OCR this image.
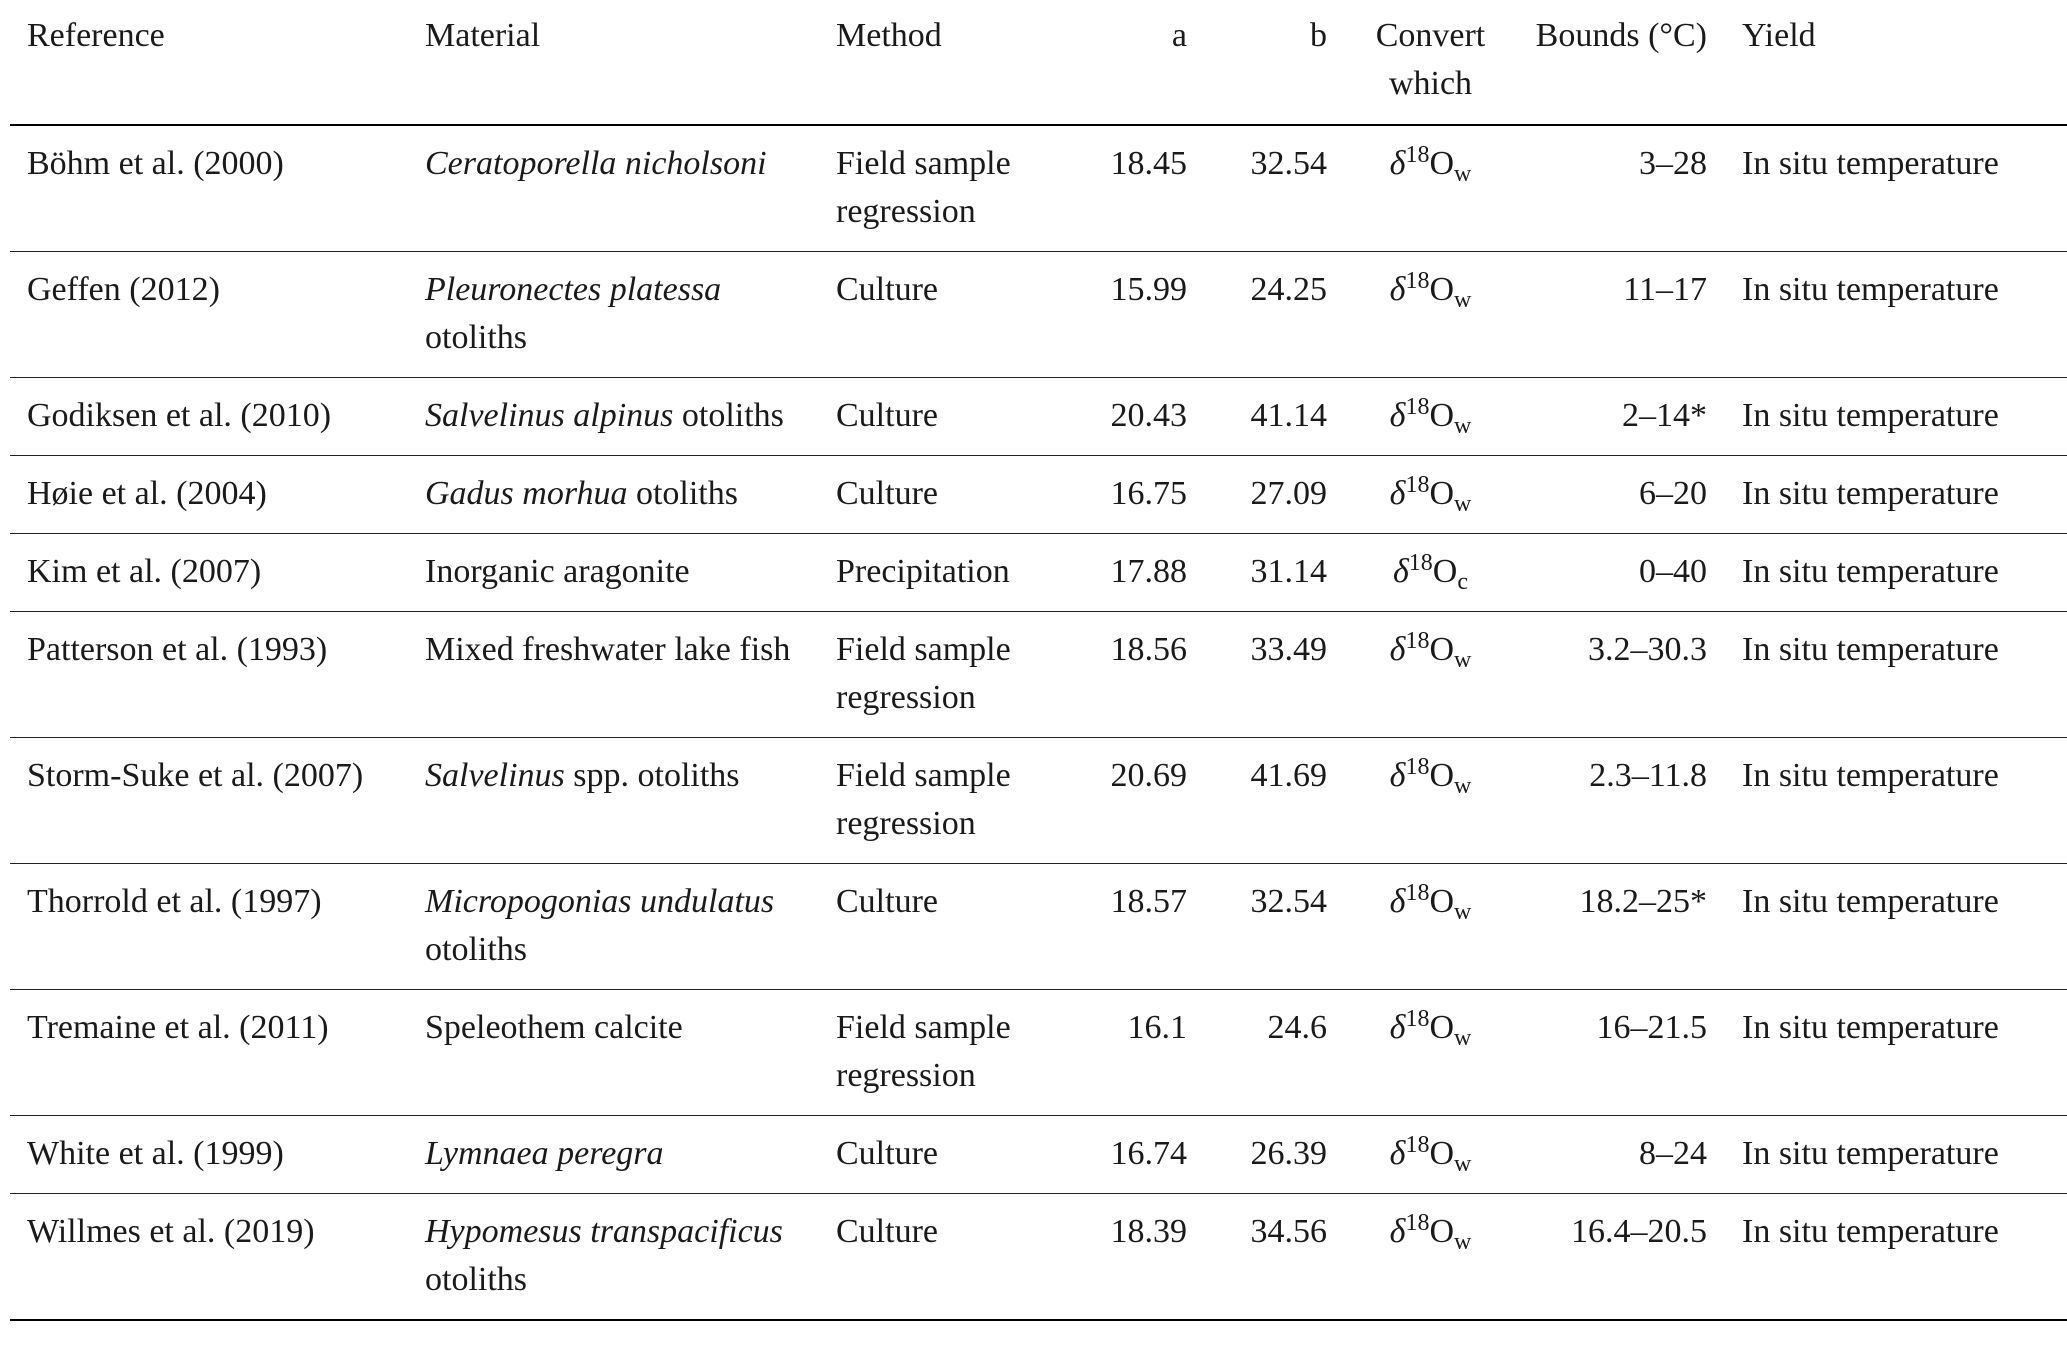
Reference	Material	Method	a	b	Convert which	Bounds (°C)	Yield
Böhm et al. (2000)	Ceratoporella nicholsoni	Field sample regression	18.45	32.54	$\delta^{18}O_w$	3–28	In situ temperature
Geffen (2012)	Pleuronectes platessa otoliths	Culture	15.99	24.25	$\delta^{18}O_w$	11–17	In situ temperature
Godiksen et al. (2010)	Salvelinus alpinus otoliths	Culture	20.43	41.14	$\delta^{18}O_w$	2–14*	In situ temperature
Høie et al. (2004)	Gadus morhua otoliths	Culture	16.75	27.09	$\delta^{18}O_w$	6–20	In situ temperature
Kim et al. (2007)	Inorganic aragonite	Precipitation	17.88	31.14	$\delta^{18}O_c$	0–40	In situ temperature
Patterson et al. (1993)	Mixed freshwater lake fish	Field sample regression	18.56	33.49	$\delta^{18}O_w$	3.2–30.3	In situ temperature
Storm-Suke et al. (2007)	Salvelinus spp. otoliths	Field sample regression	20.69	41.69	$\delta^{18}O_w$	2.3–11.8	In situ temperature
Thorrold et al. (1997)	Micropogonias undulatus otoliths	Culture	18.57	32.54	$\delta^{18}O_w$	18.2–25*	In situ temperature
Tremaine et al. (2011)	Speleothem calcite	Field sample regression	16.1	24.6	$\delta^{18}O_w$	16–21.5	In situ temperature
White et al. (1999)	Lymnaea peregra	Culture	16.74	26.39	$\delta^{18}O_w$	8–24	In situ temperature
Willmes et al. (2019)	Hypomesus transpacificus otoliths	Culture	18.39	34.56	$\delta^{18}O_w$	16.4–20.5	In situ temperature
